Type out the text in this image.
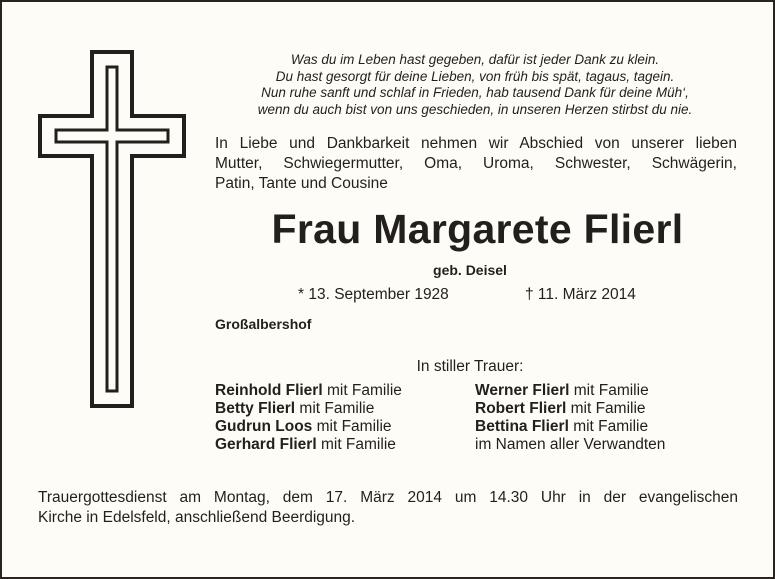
Was du im Leben hast gegeben, dafür ist jeder Dank zu klein.
Du hast gesorgt für deine Lieben, von früh bis spät, tagaus, tagein.
Nun ruhe sanft und schlaf in Frieden, hab tausend Dank für deine Müh‘,
wenn du auch bist von uns geschieden, in unseren Herzen stirbst du nie.
In Liebe und Dankbarkeit nehmen wir Abschied von unserer lieben
Mutter, Schwiegermutter, Oma, Uroma, Schwester, Schwägerin,
Patin, Tante und Cousine
Frau Margarete Flierl
geb. Deisel
* 13. September 1928	† 11. März 2014
Großalbershof
In stiller Trauer:
Reinhold Flierl mit Familie
Betty Flierl mit Familie
Gudrun Loos mit Familie
Gerhard Flierl mit Familie
Werner Flierl mit Familie
Robert Flierl mit Familie
Bettina Flierl mit Familie
im Namen aller Verwandten
Trauergottesdienst am Montag, dem 17. März 2014 um 14.30 Uhr in der evangelischen
Kirche in Edelsfeld, anschließend Beerdigung.
